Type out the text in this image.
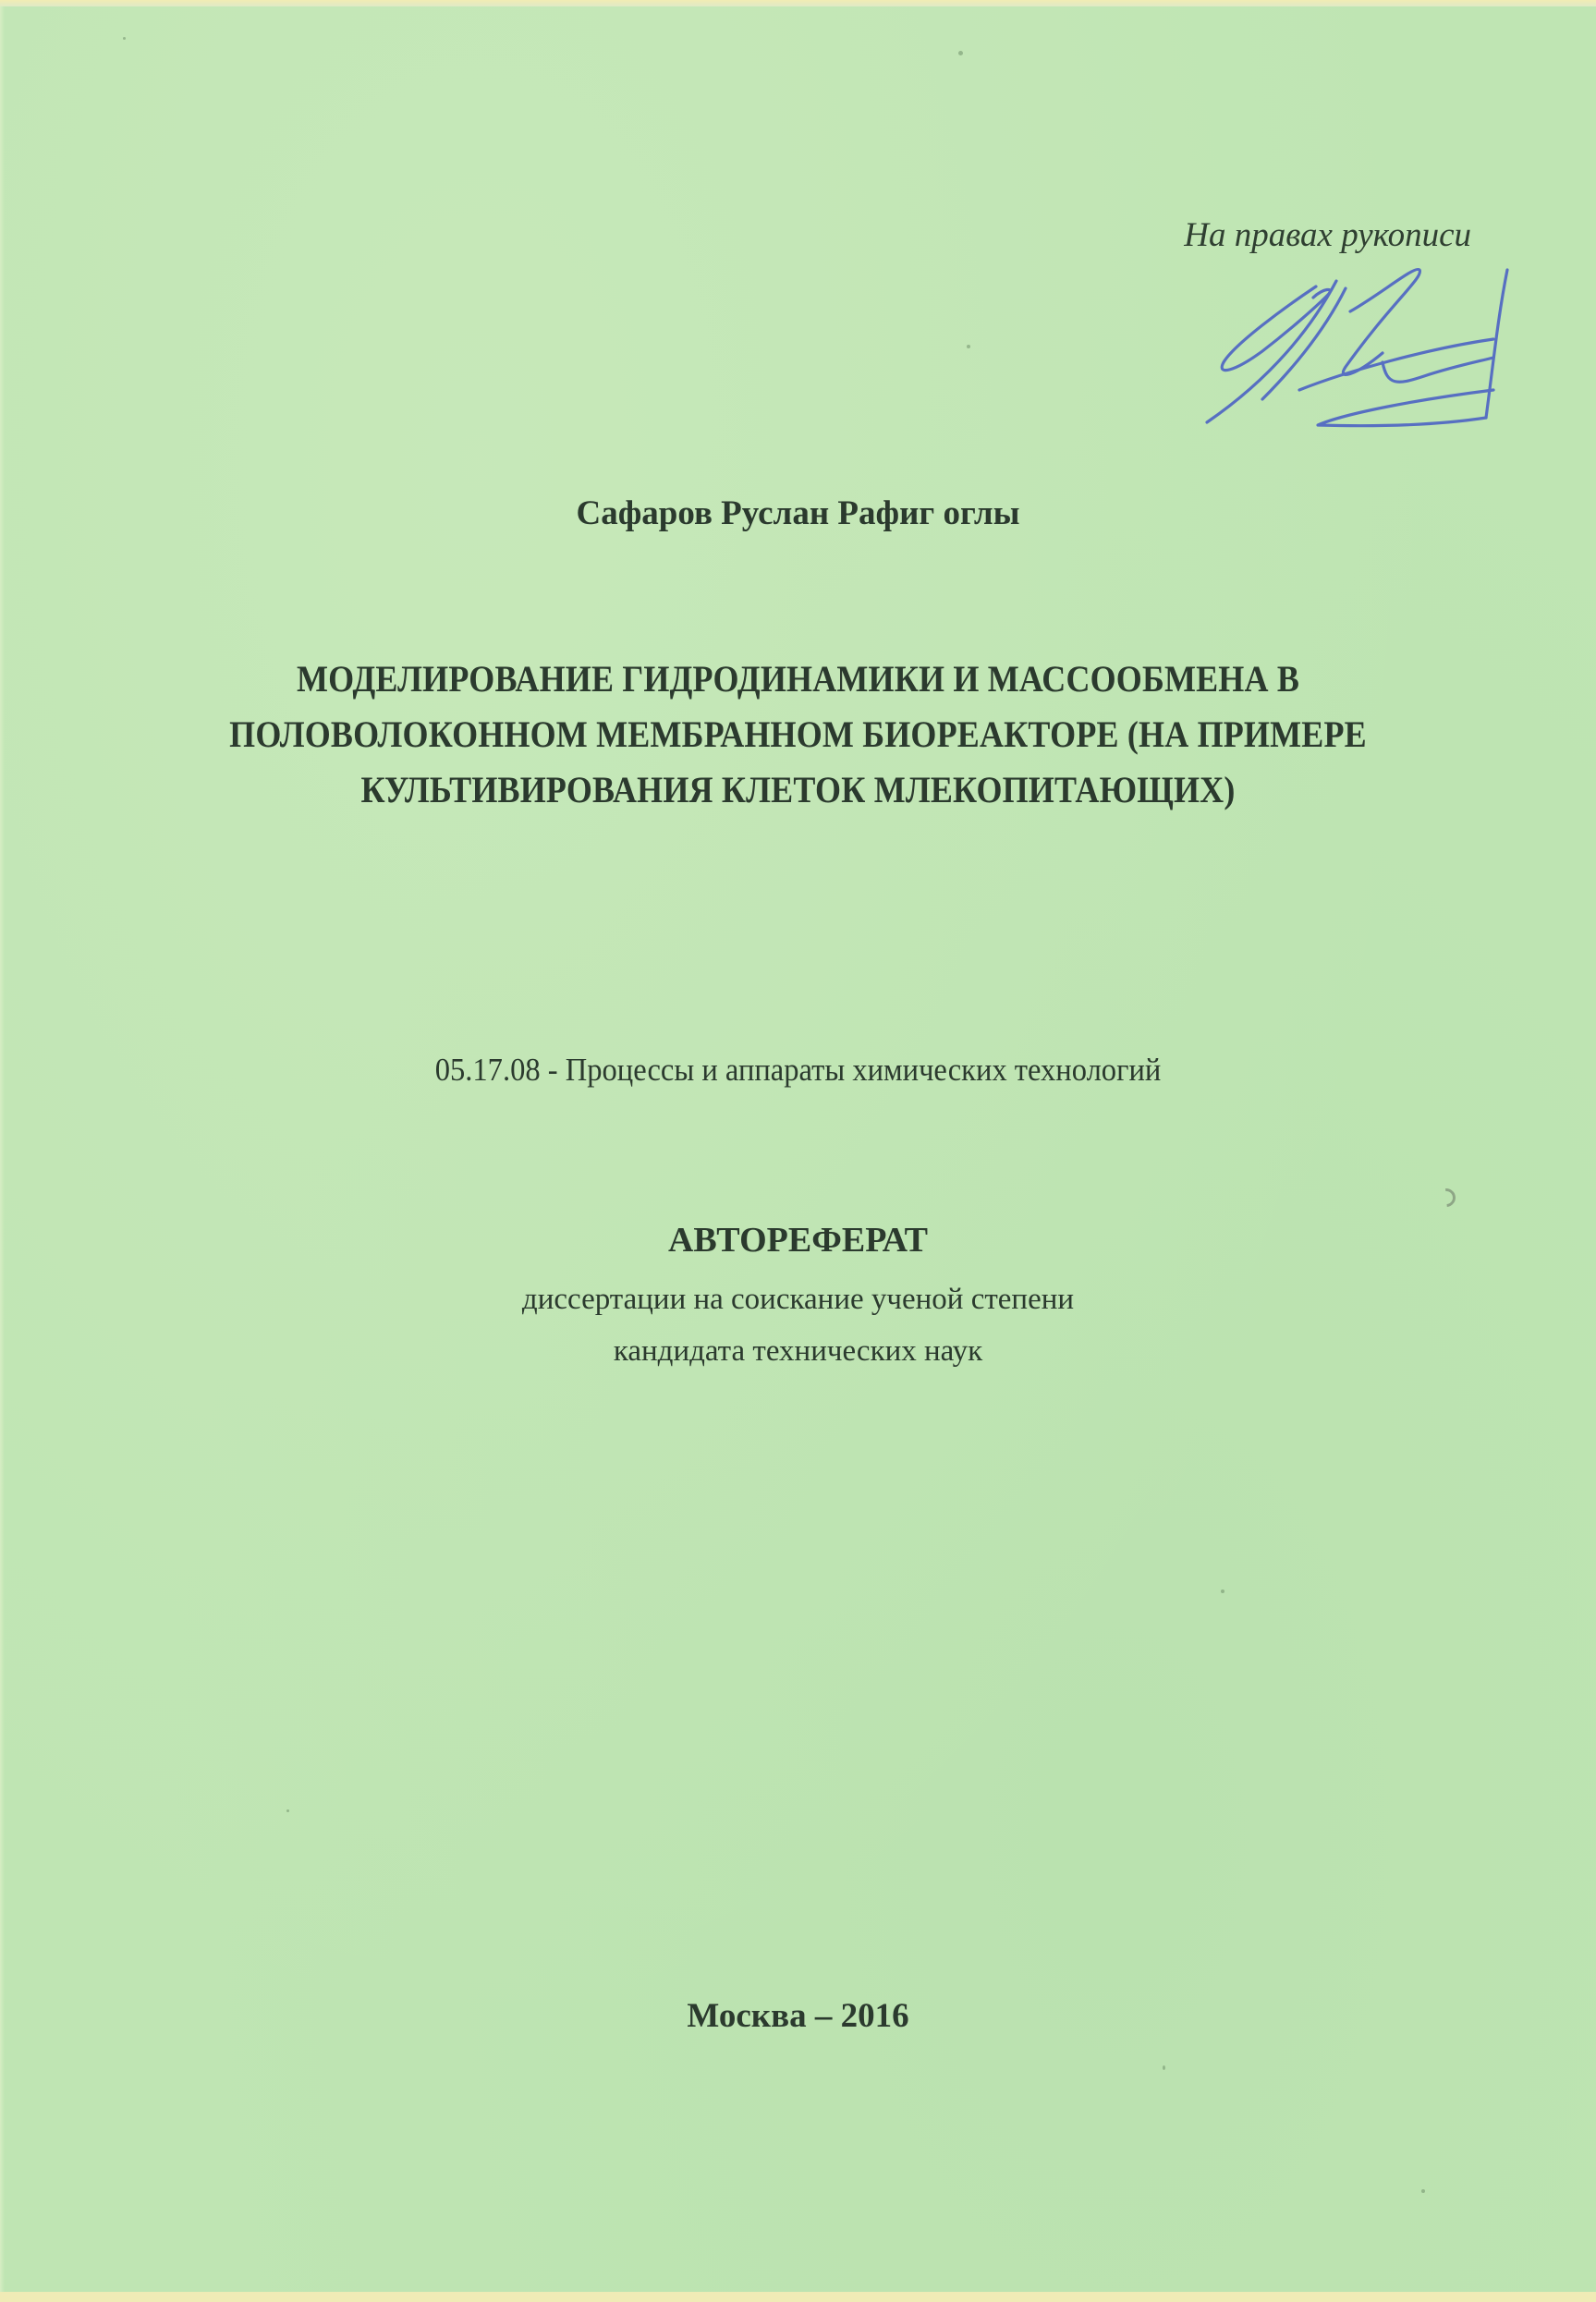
На правах рукописи
Сафаров Руслан Рафиг оглы
МОДЕЛИРОВАНИЕ ГИДРОДИНАМИКИ И МАССООБМЕНА В
ПОЛОВОЛОКОННОМ МЕМБРАННОМ БИОРЕАКТОРЕ (НА ПРИМЕРЕ
КУЛЬТИВИРОВАНИЯ КЛЕТОК МЛЕКОПИТАЮЩИХ)
05.17.08 - Процессы и аппараты химических технологий
АВТОРЕФЕРАТ
диссертации на соискание ученой степени
кандидата технических наук
Москва – 2016
